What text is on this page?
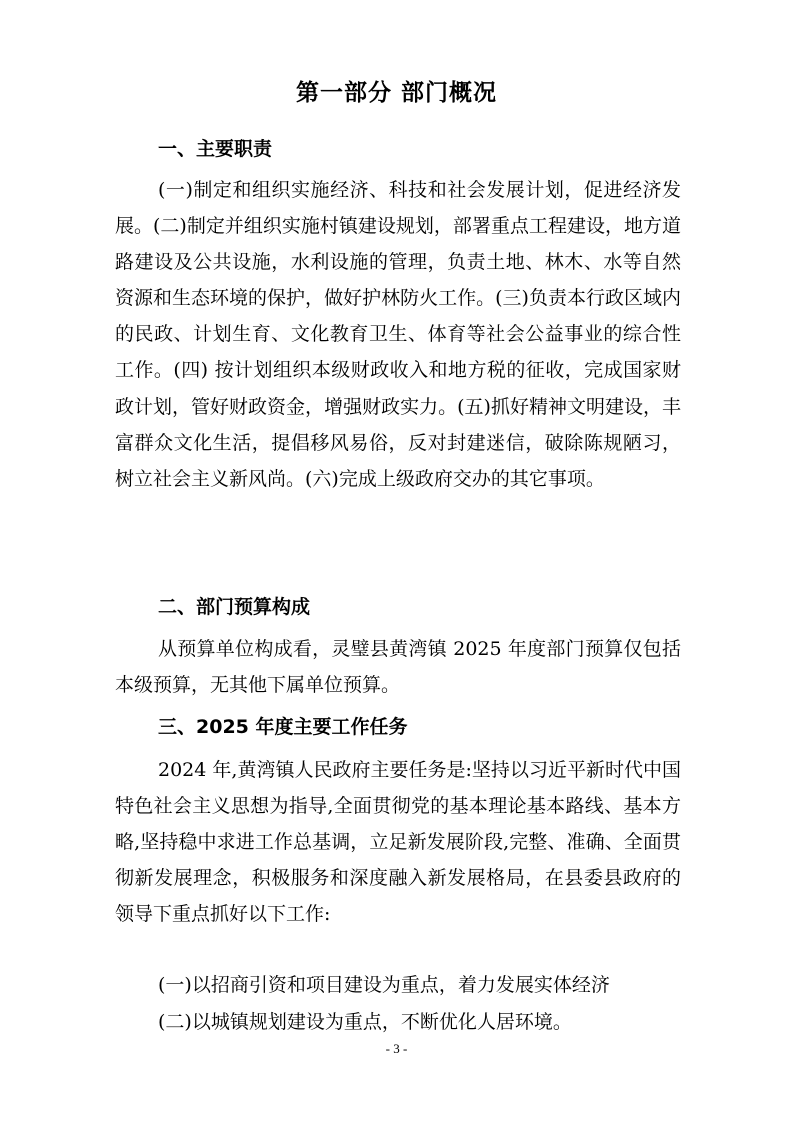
第一部分 部门概况
一、主要职责
(一)制定和组织实施经济、科技和社会发展计划，促进经济发展。(二)制定并组织实施村镇建设规划，部署重点工程建设，地方道路建设及公共设施，水利设施的管理，负责土地、林木、水等自然资源和生态环境的保护，做好护林防火工作。(三)负责本行政区域内的民政、计划生育、文化教育卫生、体育等社会公益事业的综合性工作。(四) 按计划组织本级财政收入和地方税的征收，完成国家财政计划，管好财政资金，增强财政实力。(五)抓好精神文明建设，丰富群众文化生活，提倡移风易俗，反对封建迷信，破除陈规陋习，树立社会主义新风尚。(六)完成上级政府交办的其它事项。
二、部门预算构成
从预算单位构成看，灵璧县黄湾镇 2025 年度部门预算仅包括本级预算，无其他下属单位预算。
三、2025 年度主要工作任务
2024 年,黄湾镇人民政府主要任务是:坚持以习近平新时代中国特色社会主义思想为指导,全面贯彻党的基本理论基本路线、基本方略,坚持稳中求进工作总基调，立足新发展阶段,完整、准确、全面贯彻新发展理念，积极服务和深度融入新发展格局，在县委县政府的领导下重点抓好以下工作:
(一)以招商引资和项目建设为重点，着力发展实体经济
(二)以城镇规划建设为重点，不断优化人居环境。
- 3 -
